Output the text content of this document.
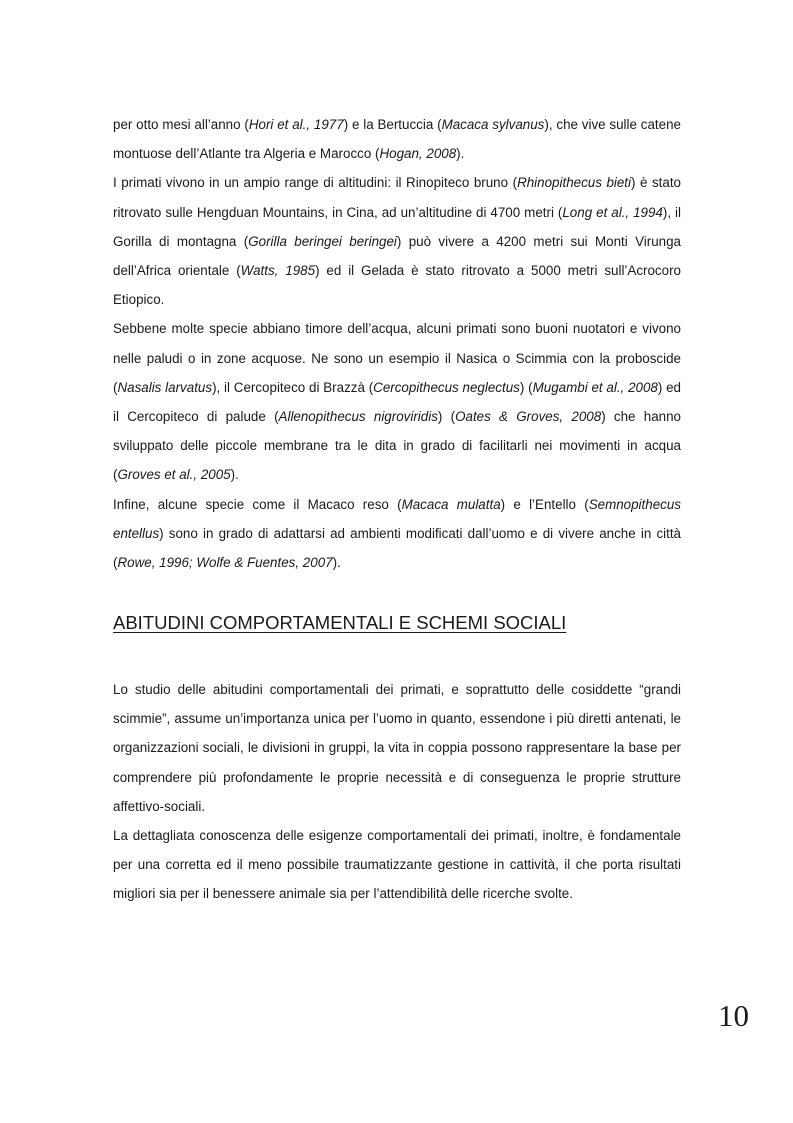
per otto mesi all’anno (Hori et al., 1977) e la Bertuccia (Macaca sylvanus), che vive sulle catene montuose dell’Atlante tra Algeria e Marocco (Hogan, 2008).

I primati vivono in un ampio range di altitudini: il Rinopiteco bruno (Rhinopithecus bieti) è stato ritrovato sulle Hengduan Mountains, in Cina, ad un’altitudine di 4700 metri (Long et al., 1994), il Gorilla di montagna (Gorilla beringei beringei) può vivere a 4200 metri sui Monti Virunga dell’Africa orientale (Watts, 1985) ed il Gelada è stato ritrovato a 5000 metri sull’Acrocoro Etiopico.

Sebbene molte specie abbiano timore dell’acqua, alcuni primati sono buoni nuotatori e vivono nelle paludi o in zone acquose. Ne sono un esempio il Nasica o Scimmia con la proboscide (Nasalis larvatus), il Cercopiteco di Brazzà (Cercopithecus neglectus) (Mugambi et al., 2008) ed il Cercopiteco di palude (Allenopithecus nigroviridis) (Oates & Groves, 2008) che hanno sviluppato delle piccole membrane tra le dita in grado di facilitarli nei movimenti in acqua (Groves et al., 2005).

Infine, alcune specie come il Macaco reso (Macaca mulatta) e l’Entello (Semnopithecus entellus) sono in grado di adattarsi ad ambienti modificati dall’uomo e di vivere anche in città (Rowe, 1996; Wolfe & Fuentes, 2007).

ABITUDINI COMPORTAMENTALI E SCHEMI SOCIALI

Lo studio delle abitudini comportamentali dei primati, e soprattutto delle cosiddette “grandi scimmie”, assume un’importanza unica per l’uomo in quanto, essendone i più diretti antenati, le organizzazioni sociali, le divisioni in gruppi, la vita in coppia possono rappresentare la base per comprendere più profondamente le proprie necessità e di conseguenza le proprie strutture affettivo-sociali.

La dettagliata conoscenza delle esigenze comportamentali dei primati, inoltre, è fondamentale per una corretta ed il meno possibile traumatizzante gestione in cattività, il che porta risultati migliori sia per il benessere animale sia per l’attendibilità delle ricerche svolte.

10
